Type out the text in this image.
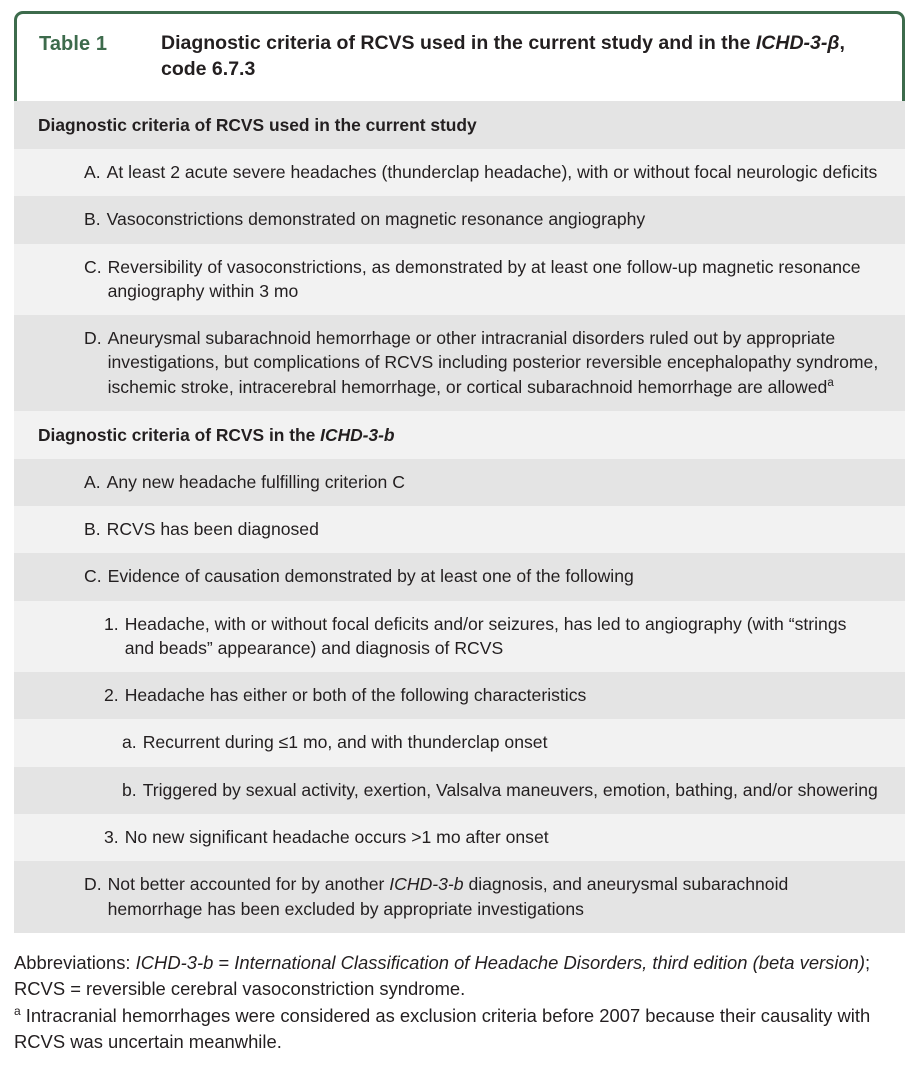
Table 1	Diagnostic criteria of RCVS used in the current study and in the ICHD-3-β, code 6.7.3
Diagnostic criteria of RCVS used in the current study
A. At least 2 acute severe headaches (thunderclap headache), with or without focal neurologic deficits
B. Vasoconstrictions demonstrated on magnetic resonance angiography
C. Reversibility of vasoconstrictions, as demonstrated by at least one follow-up magnetic resonance angiography within 3 mo
D. Aneurysmal subarachnoid hemorrhage or other intracranial disorders ruled out by appropriate investigations, but complications of RCVS including posterior reversible encephalopathy syndrome, ischemic stroke, intracerebral hemorrhage, or cortical subarachnoid hemorrhage are allowed$^a$
Diagnostic criteria of RCVS in the ICHD-3-b
A. Any new headache fulfilling criterion C
B. RCVS has been diagnosed
C. Evidence of causation demonstrated by at least one of the following
1. Headache, with or without focal deficits and/or seizures, has led to angiography (with “strings and beads” appearance) and diagnosis of RCVS
2. Headache has either or both of the following characteristics
a. Recurrent during ≤1 mo, and with thunderclap onset
b. Triggered by sexual activity, exertion, Valsalva maneuvers, emotion, bathing, and/or showering
3. No new significant headache occurs >1 mo after onset
D. Not better accounted for by another ICHD-3-b diagnosis, and aneurysmal subarachnoid hemorrhage has been excluded by appropriate investigations
Abbreviations: ICHD-3-b = International Classification of Headache Disorders, third edition (beta version); RCVS = reversible cerebral vasoconstriction syndrome.
$^a$ Intracranial hemorrhages were considered as exclusion criteria before 2007 because their causality with RCVS was uncertain meanwhile.
